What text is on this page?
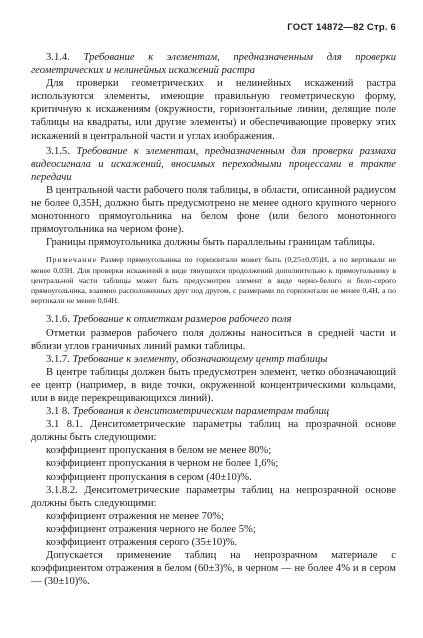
ГОСТ 14872—82 Стр. 6

3.1.4. Требование к элементам, предназначенным для проверки геометрических и нелинейных искажений растра

Для проверки геометрических и нелинейных искажений растра используются элементы, имеющие правильную геометрическую форму, критичную к искажениям (окружности, горизонтальные линии, делящие поле таблицы на квадраты, или другие элементы) и обеспечивающие проверку этих искажений в центральной части и углах изображения.

3.1.5. Требование к элементам, предназначенным для проверки размаха видеосигнала и искажений, вносимых переходными процессами в тракте передачи

В центральной части рабочего поля таблицы, в области, описанной радиусом не более 0,35H, должно быть предусмотрено не менее одного крупного черного монотонного прямоугольника на белом фоне (или белого монотонного прямоугольника на черном фоне).

Границы прямоугольника должны быть параллельны границам таблицы.

Примечание Размер прямоугольника по горизонтали может быть (0,25±0,05)H, а по вертикали не менее 0,03H. Для проверки искажений в виде тянущихся продолжений дополнительно к прямоугольнику в центральной части таблицы может быть предусмотрен элемент в виде черно-белого и бело-серого прямоугольника, взаимно расположенных друг под другом, с размерами по горизонтали не менее 0,4H, а по вертикали не менее 0,04H.

3.1.6. Требование к отметкам размеров рабочего поля

Отметки размеров рабочего поля должны наноситься в средней части и вблизи углов граничных линий рамки таблицы.

3.1.7. Требование к элементу, обозначающему центр таблицы

В центре таблицы должен быть предусмотрен элемент, четко обозначающий ее центр (например, в виде точки, окруженной концентрическими кольцами, или в виде перекрещивающихся линий).

3.1 8. Требования к денситометрическим параметрам таблиц

3.1 8.1. Денситометрические параметры таблиц на прозрачной основе должны быть следующими:

коэффициент пропускания в белом не менее 80%;

коэффициент пропускания в черном не более 1,6%;

коэффициент пропускания в сером (40±10)%.

3.1.8.2. Денситометрические параметры таблиц на непрозрачной основе должны быть следующими:

коэффициент отражения не менее 70%;

коэффициент отражения черного не более 5%;

коэффициент отражения серого (35±10)%.

Допускается применение таблиц на непрозрачном материале с коэффициентом отражения в белом (60±3)%, в черном — не более 4% и в сером — (30±10)%.
